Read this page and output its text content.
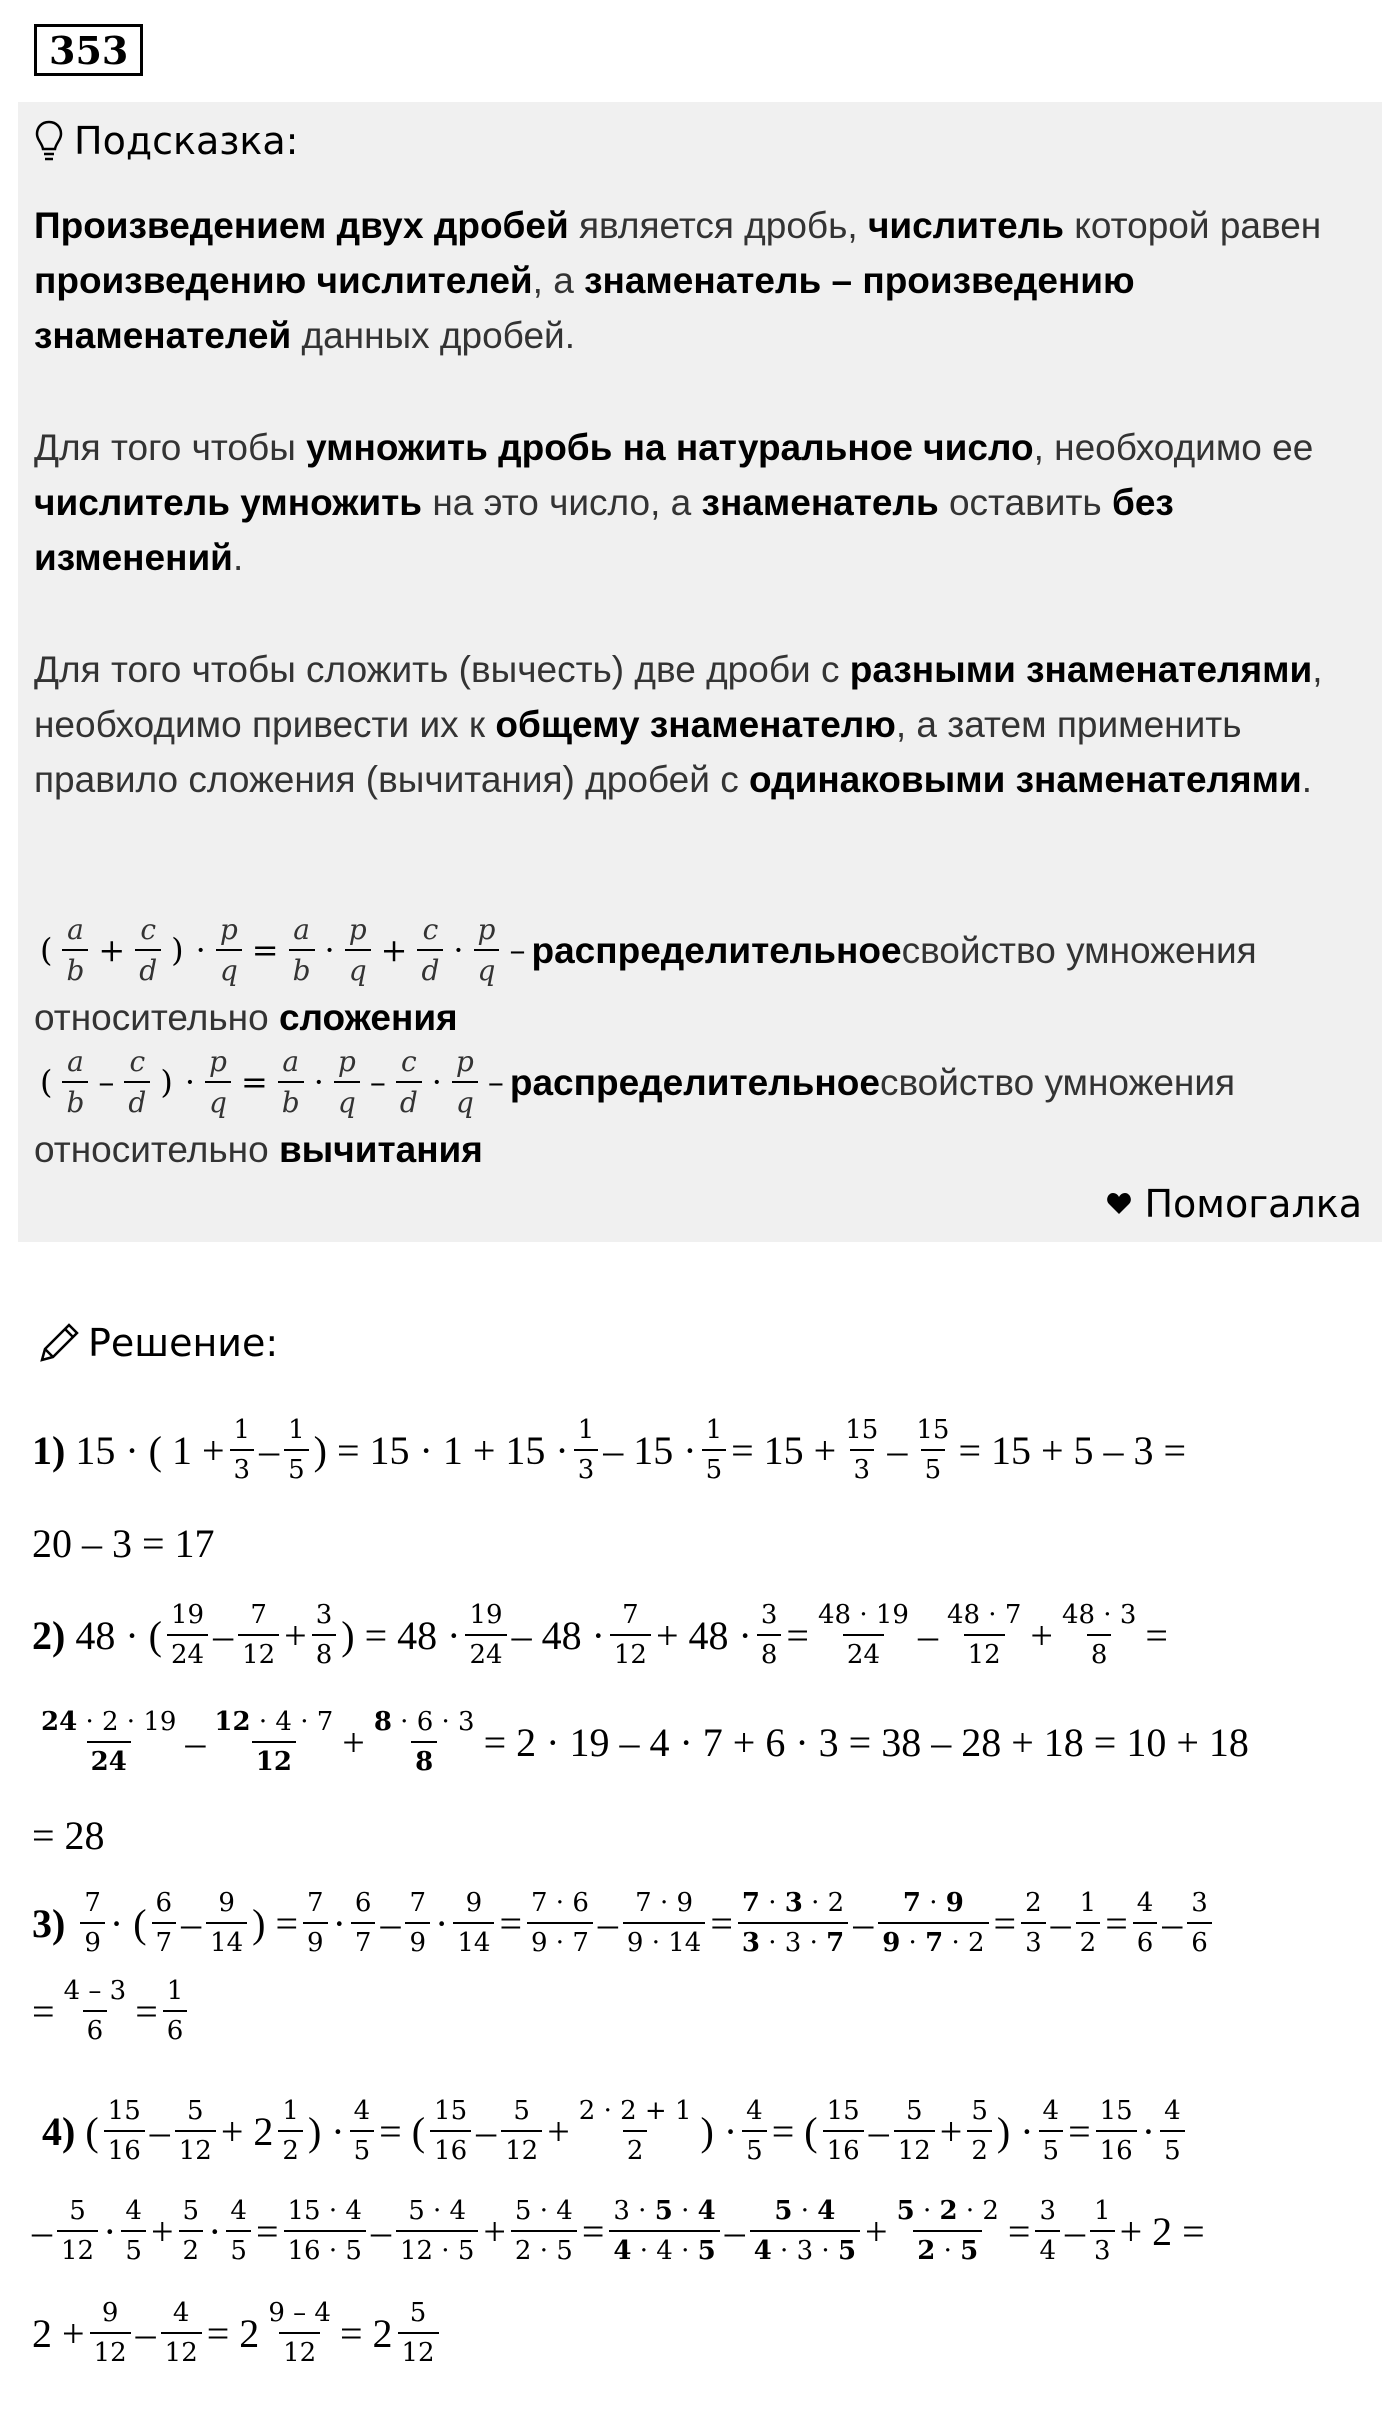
353
Подсказка:
Произведением двух дробей является дробь, числитель которой равен произведению числителей, а знаменатель – произведению знаменателей данных дробей.
Для того чтобы умножить дробь на натуральное число, необходимо ее числитель умножить на это число, а знаменатель оставить без изменений.
Для того чтобы сложить (вычесть) две дроби с разными знаменателями, необходимо привести их к общему знаменателю, а затем применить правило сложения (вычитания) дробей с одинаковыми знаменателями.
( $\frac{a}{b} + \frac{c}{d}$ ) · $\frac{p}{q} = \frac{a}{b} \cdot \frac{p}{q} + \frac{c}{d} \cdot \frac{p}{q}$ – распределительное свойство умножения
относительно сложения
( $\frac{a}{b} - \frac{c}{d}$ ) · $\frac{p}{q} = \frac{a}{b} \cdot \frac{p}{q} - \frac{c}{d} \cdot \frac{p}{q}$ – распределительное свойство умножения
относительно вычитания
Помогалка
Решение:
1) 15 · ( $1 + \frac{1}{3} - \frac{1}{5}$ ) = $15 \cdot 1 + 15 \cdot \frac{1}{3} - 15 \cdot \frac{1}{5} = 15 + \frac{15}{3} - \frac{15}{5} = 15 + 5 - 3$ =
20 – 3 = 17
2) 48 · ( $\frac{19}{24} - \frac{7}{12} + \frac{3}{8}$ ) = $48 \cdot \frac{19}{24} - 48 \cdot \frac{7}{12} + 48 \cdot \frac{3}{8} = \frac{48 \cdot 19}{24} - \frac{48 \cdot 7}{12} + \frac{48 \cdot 3}{8}$ =
$\frac{24 \cdot 2 \cdot 19}{24} - \frac{12 \cdot 4 \cdot 7}{12} + \frac{8 \cdot 6 \cdot 3}{8} = 2 \cdot 19 - 4 \cdot 7 + 6 \cdot 3 = 38 - 28 + 18 = 10 + 18$
= 28
$3) \frac{7}{9}$ · ( $\frac{6}{7} - \frac{9}{14}$ ) = $\frac{7}{9} \cdot \frac{6}{7} - \frac{7}{9} \cdot \frac{9}{14} = \frac{7 \cdot 6}{9 \cdot 7} - \frac{7 \cdot 9}{9 \cdot 14} = \frac{7 \cdot 3 \cdot 2}{3 \cdot 3 \cdot 7} - \frac{7 \cdot 9}{9 \cdot 7 \cdot 2} = \frac{2}{3} - \frac{1}{2} = \frac{4}{6} - \frac{3}{6}$
= $\frac{4 - 3}{6} = \frac{1}{6}$
4) ( $\frac{15}{16} - \frac{5}{12} + 2 \frac{1}{2}$ ) · $\frac{4}{5}$ = ( $\frac{15}{16} - \frac{5}{12} + \frac{2 \cdot 2 + 1}{2}$ ) · $\frac{4}{5}$ = ( $\frac{15}{16} - \frac{5}{12} + \frac{5}{2}$ ) · $\frac{4}{5} = \frac{15}{16} \cdot \frac{4}{5}$
– $\frac{5}{12} \cdot \frac{4}{5} + \frac{5}{2} \cdot \frac{4}{5} = \frac{15 \cdot 4}{16 \cdot 5} - \frac{5 \cdot 4}{12 \cdot 5} + \frac{5 \cdot 4}{2 \cdot 5} = \frac{3 \cdot 5 \cdot 4}{4 \cdot 4 \cdot 5} - \frac{5 \cdot 4}{4 \cdot 3 \cdot 5} + \frac{5 \cdot 2 \cdot 2}{2 \cdot 5} = \frac{3}{4} - \frac{1}{3} + 2$ =
$2 + \frac{9}{12} - \frac{4}{12} = 2 \frac{9 - 4}{12} = 2 \frac{5}{12}$
